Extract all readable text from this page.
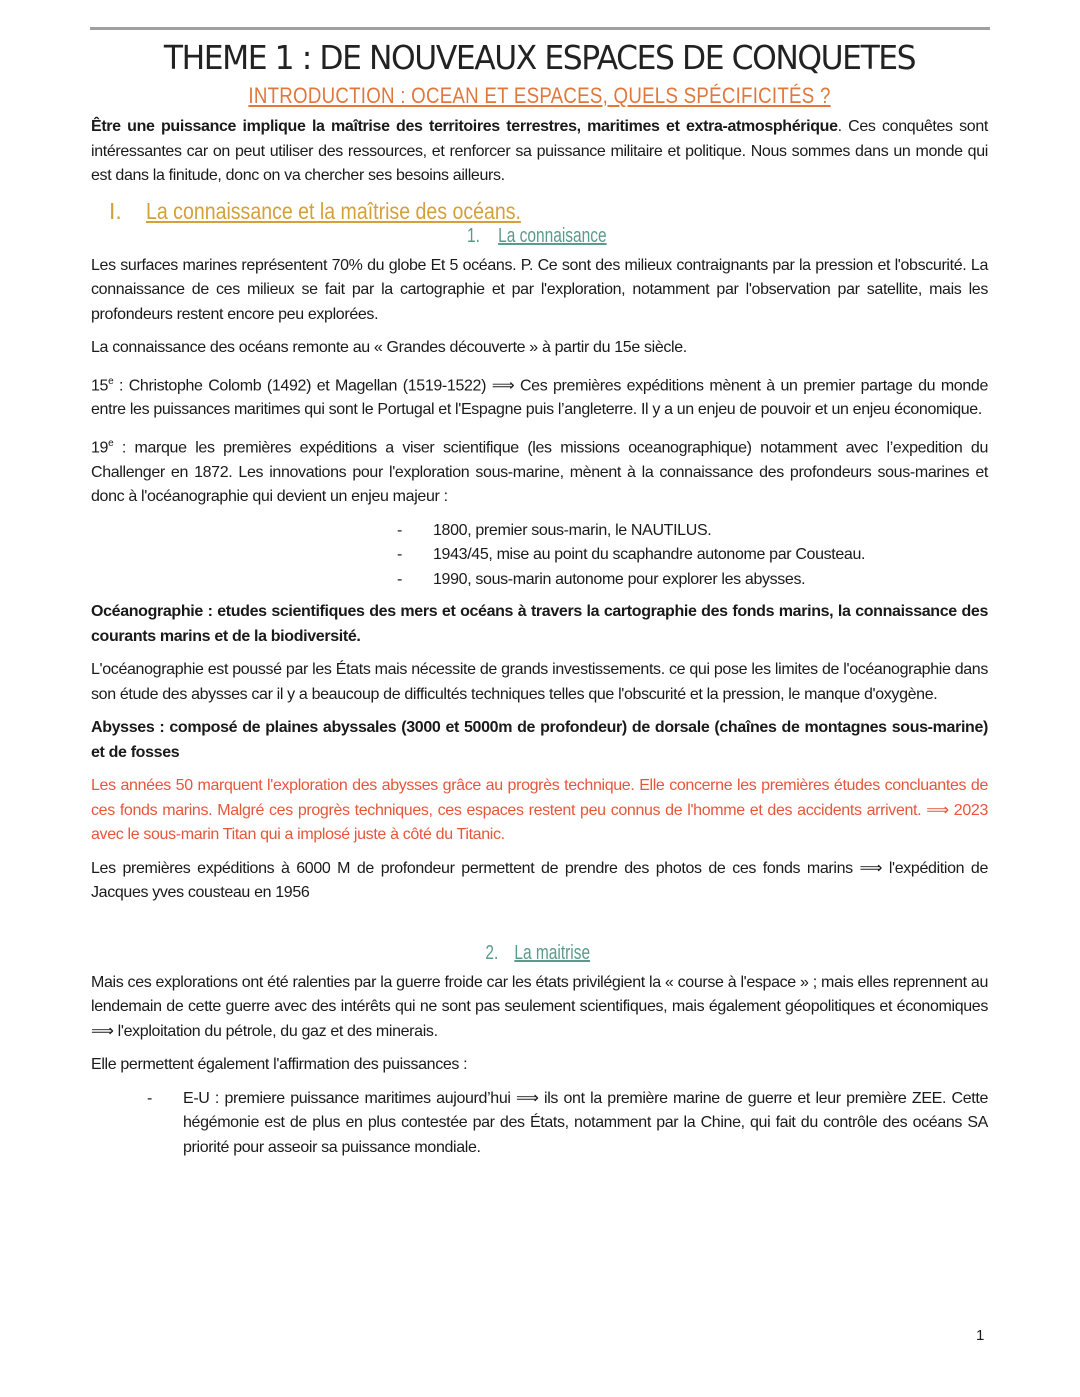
THEME 1 : DE NOUVEAUX ESPACES DE CONQUETES
INTRODUCTION : OCEAN ET ESPACES, QUELS SPÉCIFICITÉS ?

Être une puissance implique la maîtrise des territoires terrestres, maritimes et extra-atmosphérique. Ces conquêtes sont intéressantes car on peut utiliser des ressources, et renforcer sa puissance militaire et politique. Nous sommes dans un monde qui est dans la finitude, donc on va chercher ses besoins ailleurs.

I. La connaissance et la maîtrise des océans.
1. La connaisance

Les surfaces marines représentent 70% du globe Et 5 océans. P. Ce sont des milieux contraignants par la pression et l'obscurité. La connaissance de ces milieux se fait par la cartographie et par l'exploration, notamment par l'observation par satellite, mais les profondeurs restent encore peu explorées.

La connaissance des océans remonte au « Grandes découverte » à partir du 15e siècle.

15e : Christophe Colomb (1492) et Magellan (1519-1522) ⟹ Ces premières expéditions mènent à un premier partage du monde entre les puissances maritimes qui sont le Portugal et l'Espagne puis l’angleterre. Il y a un enjeu de pouvoir et un enjeu économique.

19e : marque les premières expéditions a viser scientifique (les missions oceanographique) notamment avec l’expedition du Challenger en 1872. Les innovations pour l'exploration sous-marine, mènent à la connaissance des profondeurs sous-marines et donc à l'océanographie qui devient un enjeu majeur :

-	1800, premier sous-marin, le NAUTILUS.
-	1943/45, mise au point du scaphandre autonome par Cousteau.
-	1990, sous-marin autonome pour explorer les abysses.

Océanographie : etudes scientifiques des mers et océans à travers la cartographie des fonds marins, la connaissance des courants marins et de la biodiversité.

L'océanographie est poussé par les États mais nécessite de grands investissements. ce qui pose les limites de l'océanographie dans son étude des abysses car il y a beaucoup de difficultés techniques telles que l'obscurité et la pression, le manque d'oxygène.

Abysses : composé de plaines abyssales (3000 et 5000m de profondeur) de dorsale (chaînes de montagnes sous-marine) et de fosses

Les années 50 marquent l'exploration des abysses grâce au progrès technique. Elle concerne les premières études concluantes de ces fonds marins. Malgré ces progrès techniques, ces espaces restent peu connus de l'homme et des accidents arrivent. ⟹ 2023 avec le sous-marin Titan qui a implosé juste à côté du Titanic.

Les premières expéditions à 6000 M de profondeur permettent de prendre des photos de ces fonds marins ⟹ l'expédition de Jacques yves cousteau en 1956

2. La maitrise

Mais ces explorations ont été ralenties par la guerre froide car les états privilégient la « course à l'espace » ; mais elles reprennent au lendemain de cette guerre avec des intérêts qui ne sont pas seulement scientifiques, mais également géopolitiques et économiques ⟹ l'exploitation du pétrole, du gaz et des minerais.

Elle permettent également l'affirmation des puissances :

-	E-U : premiere puissance maritimes aujourd’hui ⟹ ils ont la première marine de guerre et leur première ZEE. Cette hégémonie est de plus en plus contestée par des États, notamment par la Chine, qui fait du contrôle des océans SA priorité pour asseoir sa puissance mondiale.
1
